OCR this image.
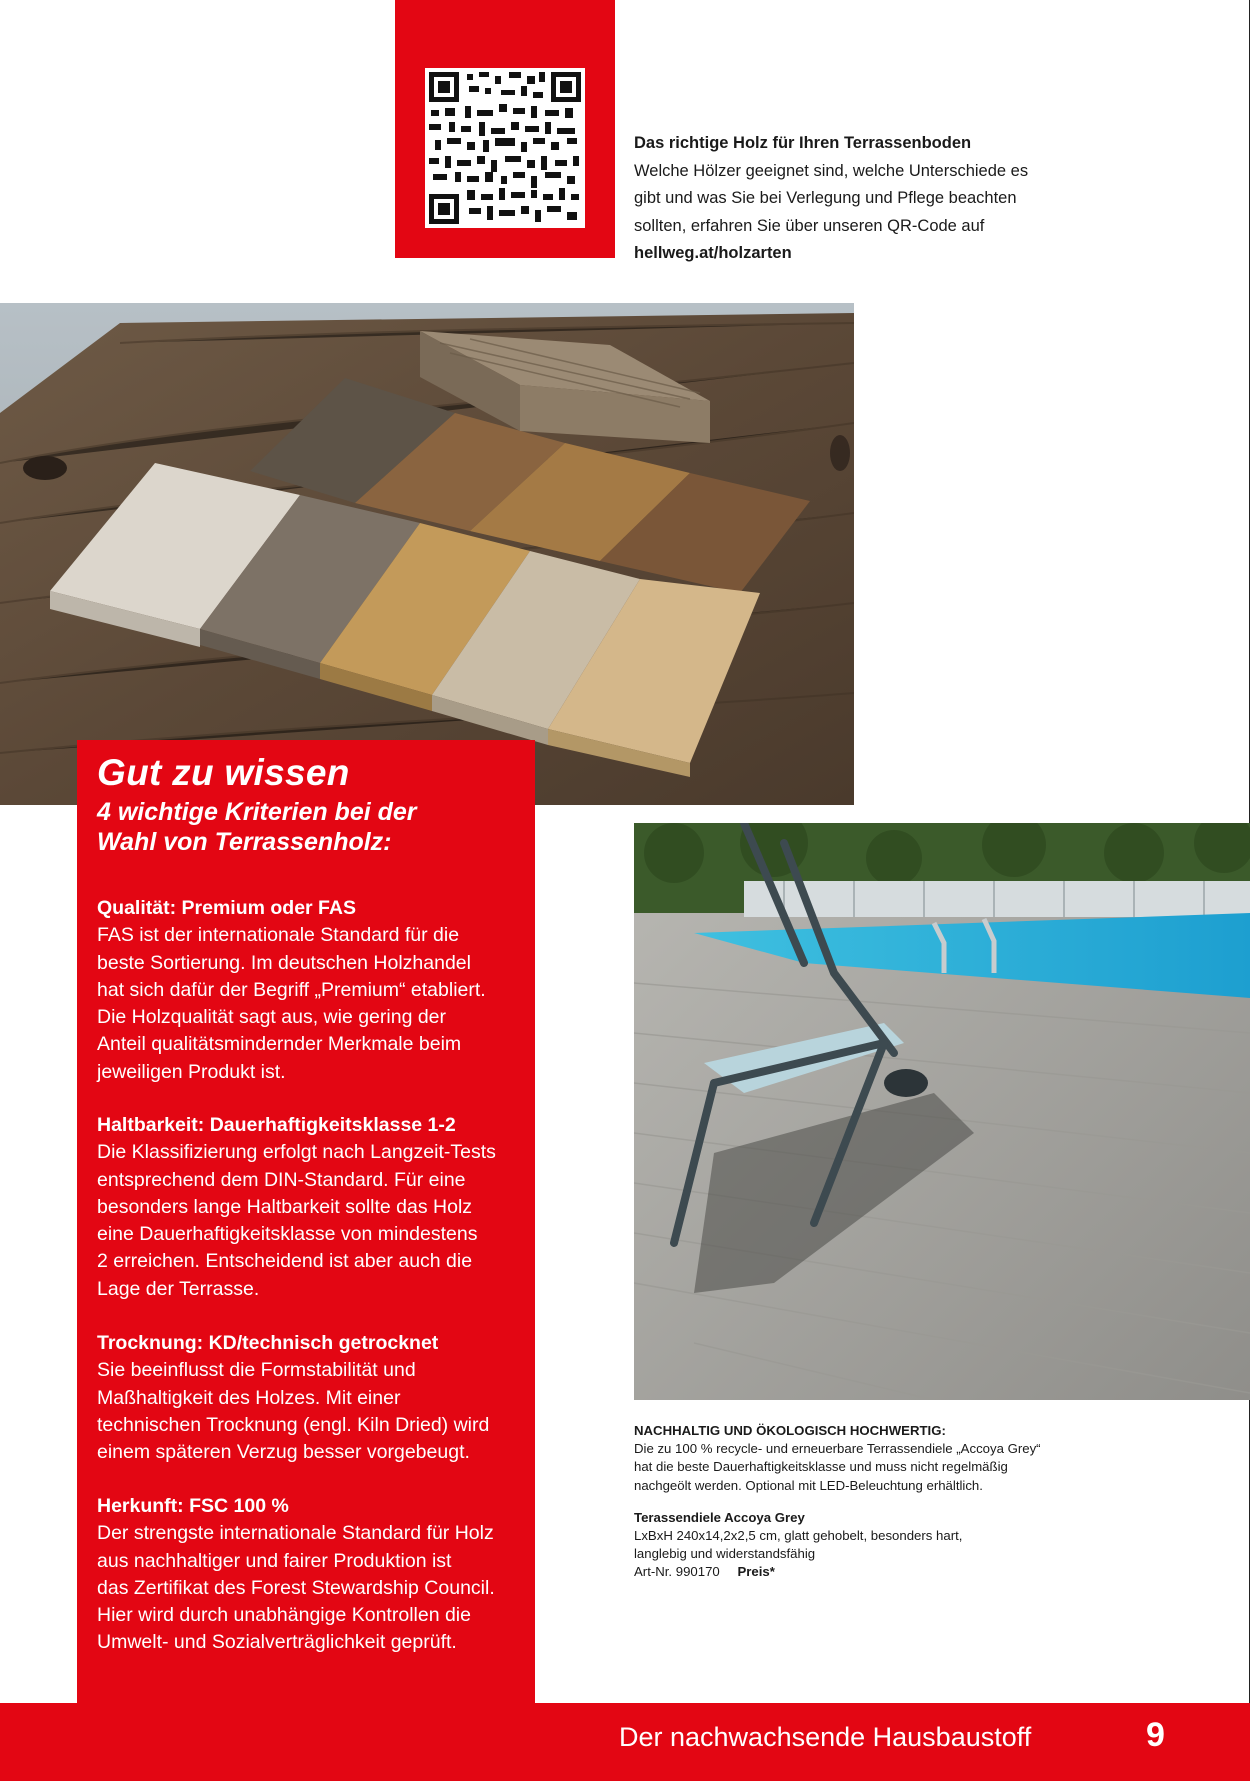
Das richtige Holz für Ihren Terrassenboden
Welche Hölzer geeignet sind, welche Unterschiede es
gibt und was Sie bei Verlegung und Pflege beachten
sollten, erfahren Sie über unseren QR-Code auf
hellweg.at/holzarten
Gut zu wissen
4 wichtige Kriterien bei der
Wahl von Terrassenholz:
Qualität: Premium oder FAS
FAS ist der internationale Standard für die
beste Sortierung. Im deutschen Holzhandel
hat sich dafür der Begriff „Premium“ etabliert.
Die Holzqualität sagt aus, wie gering der
Anteil qualitätsmindernder Merkmale beim
jeweiligen Produkt ist.
Haltbarkeit: Dauerhaftigkeitsklasse 1-2
Die Klassifizierung erfolgt nach Langzeit-Tests
entsprechend dem DIN-Standard. Für eine
besonders lange Haltbarkeit sollte das Holz
eine Dauerhaftigkeitsklasse von mindestens
2 erreichen. Entscheidend ist aber auch die
Lage der Terrasse.
Trocknung: KD/technisch getrocknet
Sie beeinflusst die Formstabilität und
Maßhaltigkeit des Holzes. Mit einer
technischen Trocknung (engl. Kiln Dried) wird
einem späteren Verzug besser vorgebeugt.
Herkunft: FSC 100 %
Der strengste internationale Standard für Holz
aus nachhaltiger und fairer Produktion ist
das Zertifikat des Forest Stewardship Council.
Hier wird durch unabhängige Kontrollen die
Umwelt- und Sozialverträglichkeit geprüft.
NACHHALTIG UND ÖKOLOGISCH HOCHWERTIG:
Die zu 100 % recycle- und erneuerbare Terrassendiele „Accoya Grey“
hat die beste Dauerhaftigkeitsklasse und muss nicht regelmäßig
nachgeölt werden. Optional mit LED-Beleuchtung erhältlich.
Terassendiele Accoya Grey
LxBxH 240x14,2x2,5 cm, glatt gehobelt, besonders hart,
langlebig und widerstandsfähig
Art-Nr. 990170 Preis*
Der nachwachsende Hausbaustoff	9
